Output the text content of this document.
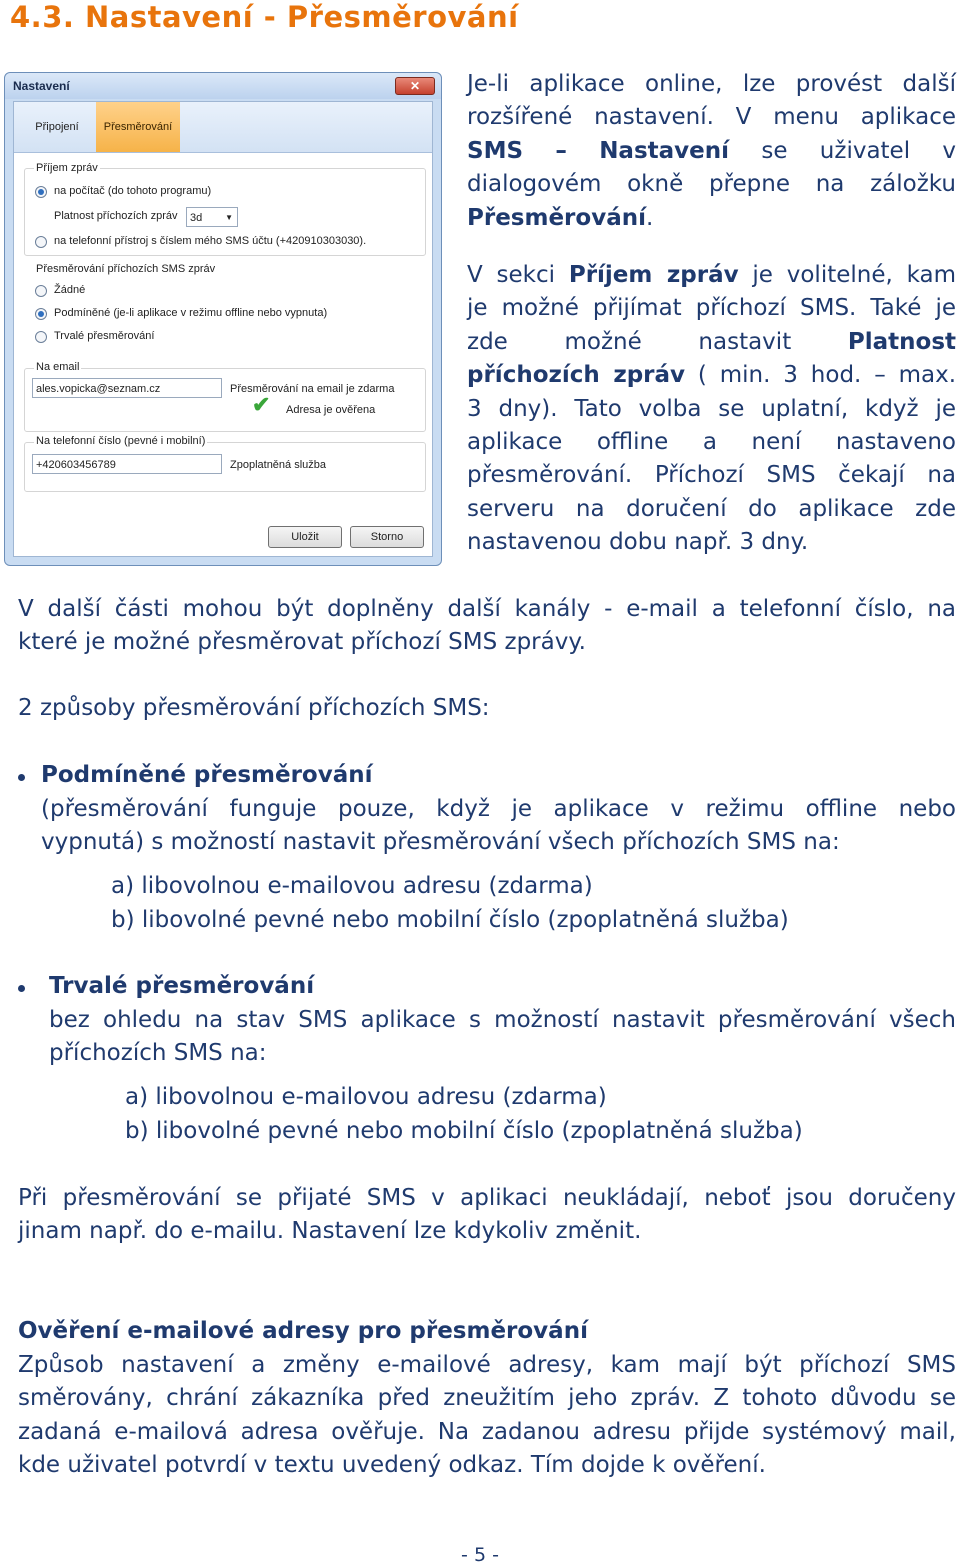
4.3. Nastavení - Přesměrování
Nastavení	✕
Připojení	Přesměrování
Příjem zpráv
na počítač (do tohoto programu)
Platnost příchozích zpráv	3d	▼
na telefonní přístroj s číslem mého SMS účtu (+420910303030).
Přesměrování příchozích SMS zpráv
Žádné
Podmíněné (je-li aplikace v režimu offline nebo vypnuta)
Trvalé přesměrování
Na email
ales.vopicka@seznam.cz	Přesměrování na email je zdarma
✔ Adresa je ověřena
Na telefonní číslo (pevné i mobilní)
+420603456789	Zpoplatněná služba
Uložit	Storno
Je-li aplikace online, lze provést další
rozšířené nastavení. V menu aplikace
SMS – Nastavení se uživatel v
dialogovém okně přepne na záložku
Přesměrování.
V sekci Příjem zpráv je volitelné, kam
je možné přijímat příchozí SMS. Také je
zde možné nastavit Platnost
příchozích zpráv ( min. 3 hod. – max.
3 dny). Tato volba se uplatní, když je
aplikace offline a není nastaveno
přesměrování. Příchozí SMS čekají na
serveru na doručení do aplikace zde
nastavenou dobu např. 3 dny.
V další části mohou být doplněny další kanály - e-mail a telefonní číslo, na
které je možné přesměrovat příchozí SMS zprávy.

2 způsoby přesměrování příchozích SMS:

Podmíněné přesměrování

(přesměrování funguje pouze, když je aplikace v režimu offline nebo
vypnutá) s možností nastavit přesměrování všech příchozích SMS na:

a) libovolnou e-mailovou adresu (zdarma)

b) libovolné pevné nebo mobilní číslo (zpoplatněná služba)

Trvalé přesměrování

bez ohledu na stav SMS aplikace s možností nastavit přesměrování všech
příchozích SMS na:

a) libovolnou e-mailovou adresu (zdarma)

b) libovolné pevné nebo mobilní číslo (zpoplatněná služba)

Při přesměrování se přijaté SMS v aplikaci neukládají, neboť jsou doručeny
jinam např. do e-mailu. Nastavení lze kdykoliv změnit.

Ověření e-mailové adresy pro přesměrování

Způsob nastavení a změny e-mailové adresy, kam mají být příchozí SMS
směrovány, chrání zákazníka před zneužitím jeho zpráv. Z tohoto důvodu se
zadaná e-mailová adresa ověřuje. Na zadanou adresu přijde systémový mail,
kde uživatel potvrdí v textu uvedený odkaz. Tím dojde k ověření.
- 5 -
